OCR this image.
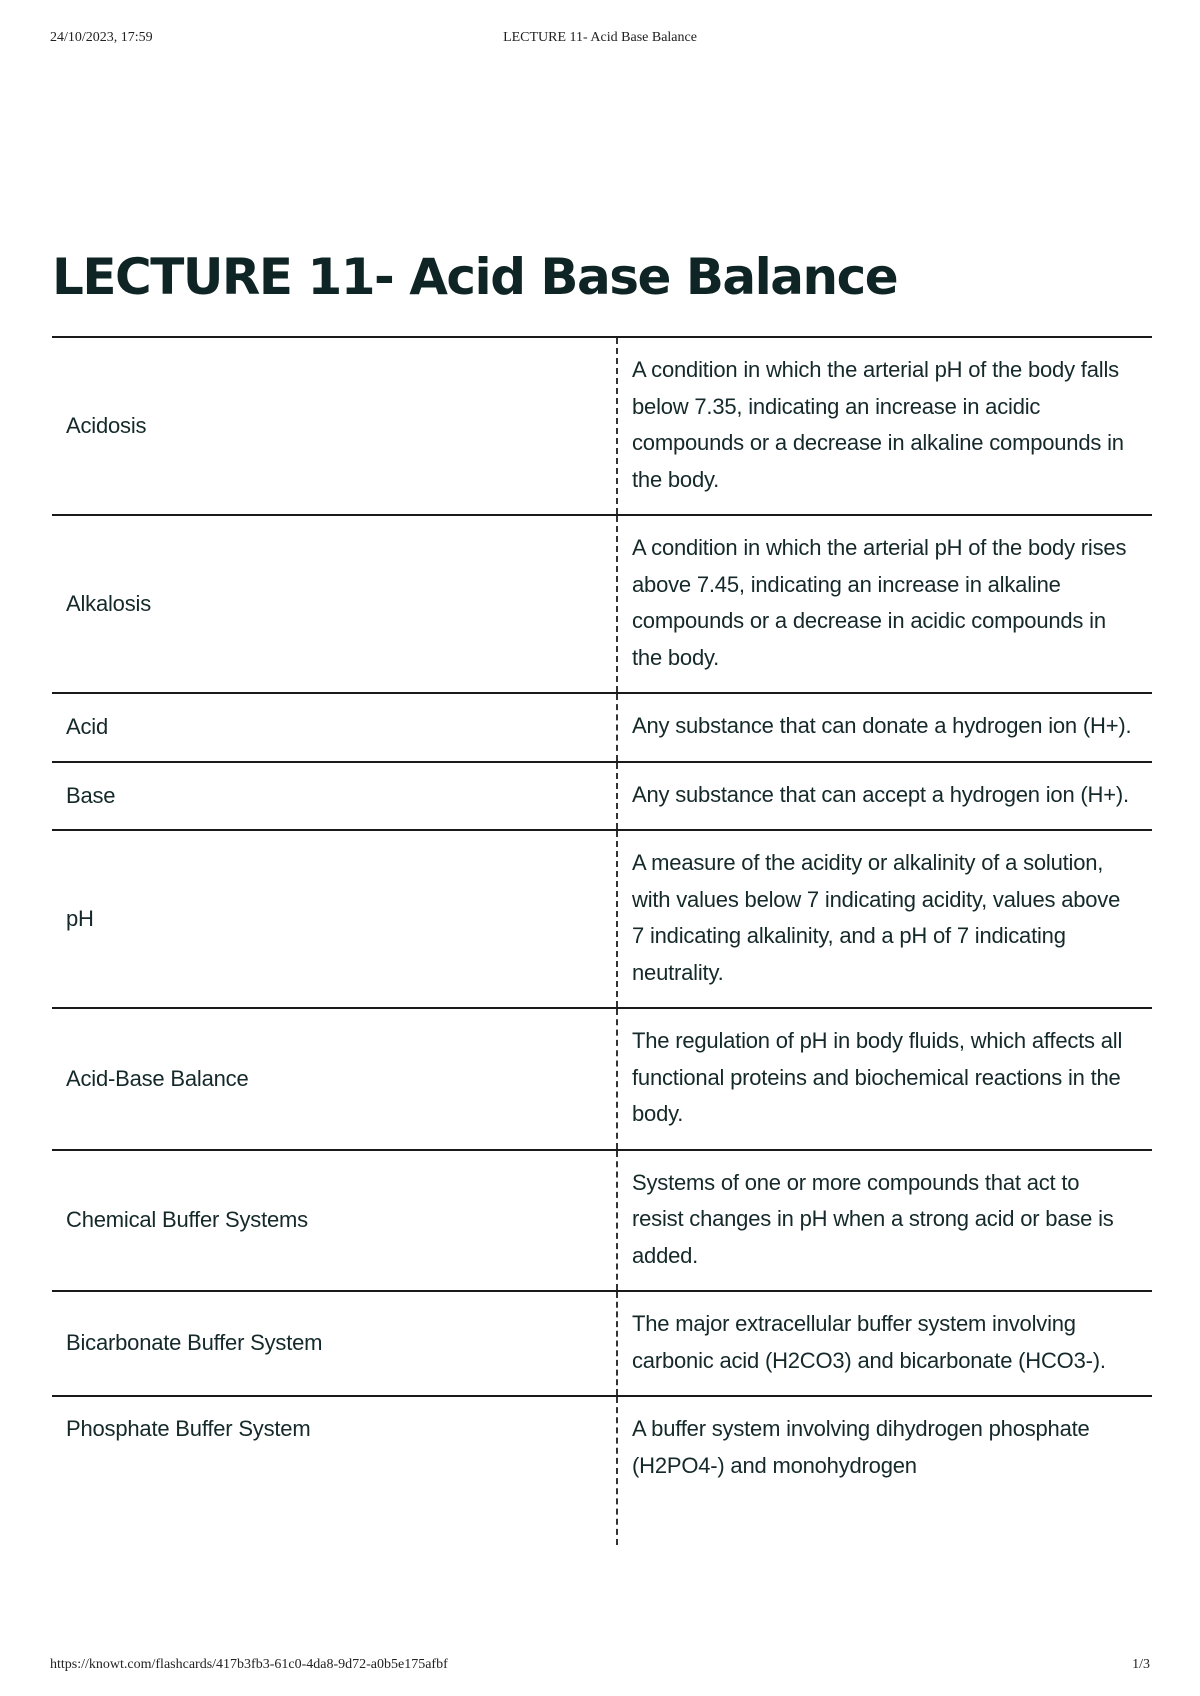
24/10/2023, 17:59	LECTURE 11- Acid Base Balance
LECTURE 11- Acid Base Balance
Acidosis	A condition in which the arterial pH of the body falls below 7.35, indicating an increase in acidic compounds or a decrease in alkaline compounds in the body.
Alkalosis	A condition in which the arterial pH of the body rises above 7.45, indicating an increase in alkaline compounds or a decrease in acidic compounds in the body.
Acid	Any substance that can donate a hydrogen ion (H+).
Base	Any substance that can accept a hydrogen ion (H+).
pH	A measure of the acidity or alkalinity of a solution, with values below 7 indicating acidity, values above 7 indicating alkalinity, and a pH of 7 indicating neutrality.
Acid-Base Balance	The regulation of pH in body fluids, which affects all functional proteins and biochemical reactions in the body.
Chemical Buffer Systems	Systems of one or more compounds that act to resist changes in pH when a strong acid or base is added.
Bicarbonate Buffer System	The major extracellular buffer system involving carbonic acid (H2CO3) and bicarbonate (HCO3-).
Phosphate Buffer System	A buffer system involving dihydrogen phosphate (H2PO4-) and monohydrogen
https://knowt.com/flashcards/417b3fb3-61c0-4da8-9d72-a0b5e175afbf	1/3
